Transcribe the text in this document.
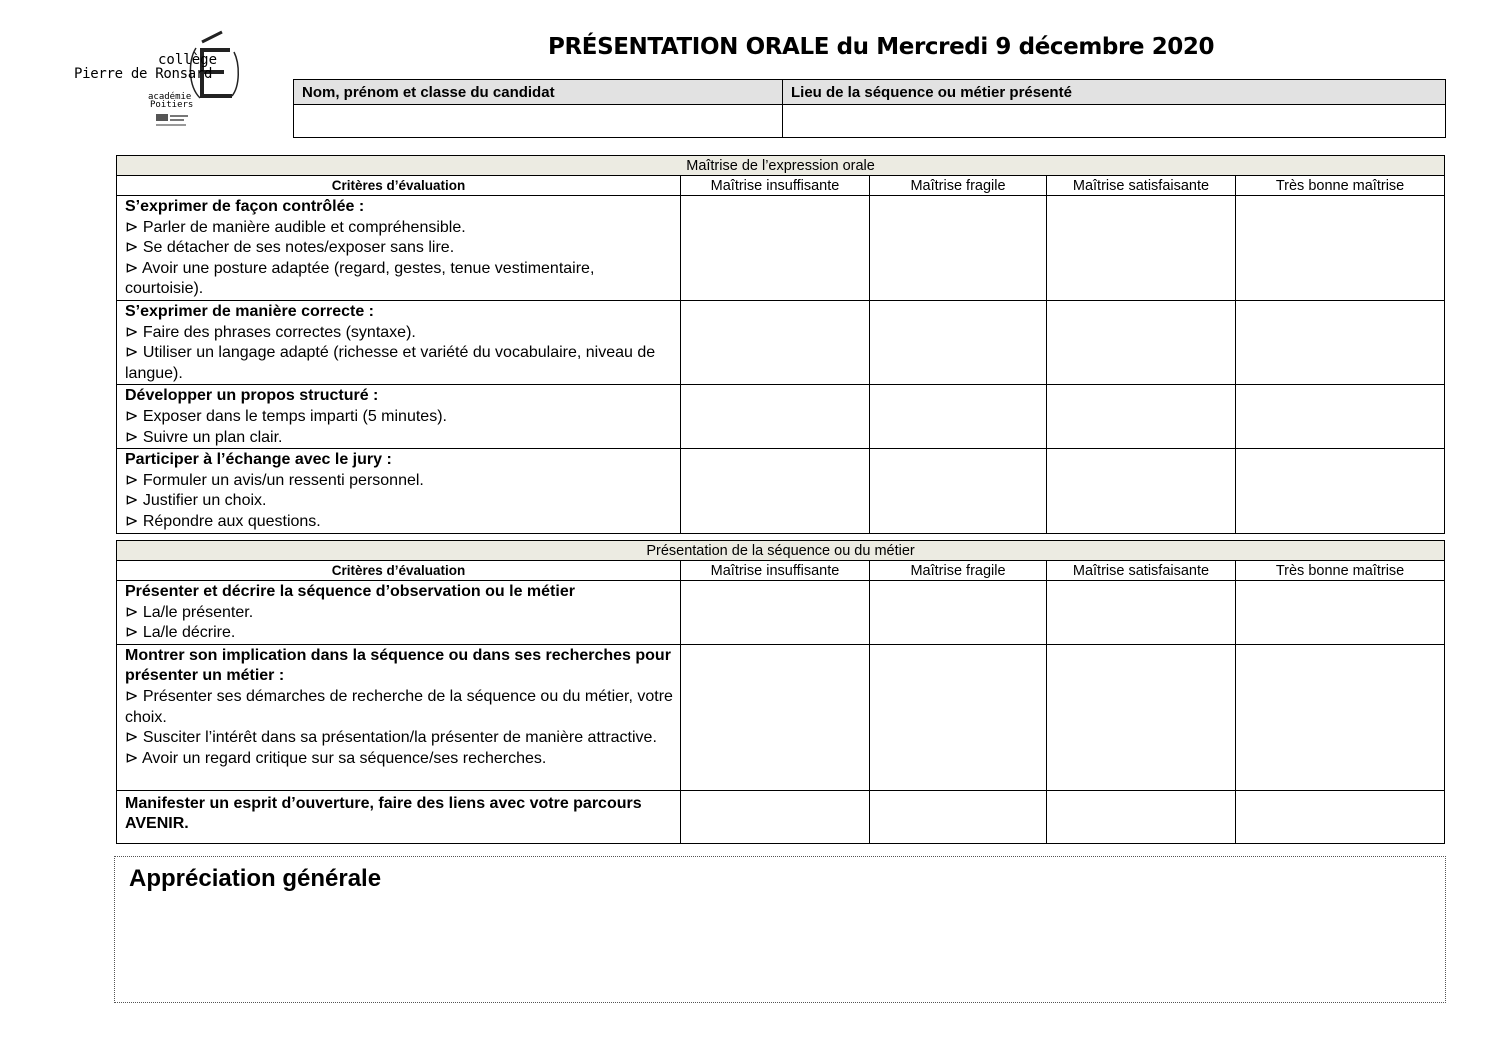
collège
Pierre de Ronsard
académie
Poitiers
PRÉSENTATION ORALE du Mercredi 9 décembre 2020
Nom, prénom et classe du candidat	Lieu de la séquence ou métier présenté

Maîtrise de l’expression orale				
Critères d’évaluation	Maîtrise insuffisante	Maîtrise fragile	Maîtrise satisfaisante	Très bonne maîtrise

S’exprimer de façon contrôlée :
⊳ Parler de manière audible et compréhensible.
⊳ Se détacher de ses notes/exposer sans lire.
⊳ Avoir une posture adaptée (regard, gestes, tenue vestimentaire, courtoisie).				

S’exprimer de manière correcte :
⊳ Faire des phrases correctes (syntaxe).
⊳ Utiliser un langage adapté (richesse et variété du vocabulaire, niveau de langue).				

Développer un propos structuré :
⊳ Exposer dans le temps imparti (5 minutes).
⊳ Suivre un plan clair.				

Participer à l’échange avec le jury :
⊳ Formuler un avis/un ressenti personnel.
⊳ Justifier un choix.
⊳ Répondre aux questions.				

Présentation de la séquence ou du métier				
Critères d’évaluation	Maîtrise insuffisante	Maîtrise fragile	Maîtrise satisfaisante	Très bonne maîtrise

Présenter et décrire la séquence d’observation ou le métier
⊳ La/le présenter.
⊳ La/le décrire.				

Montrer son implication dans la séquence ou dans ses recherches pour présenter un métier :
⊳ Présenter ses démarches de recherche de la séquence ou du métier, votre choix.
⊳ Susciter l’intérêt dans sa présentation/la présenter de manière attractive.
⊳ Avoir un regard critique sur sa séquence/ses recherches.				

Manifester un esprit d’ouverture, faire des liens avec votre parcours AVENIR.				

Appréciation générale
